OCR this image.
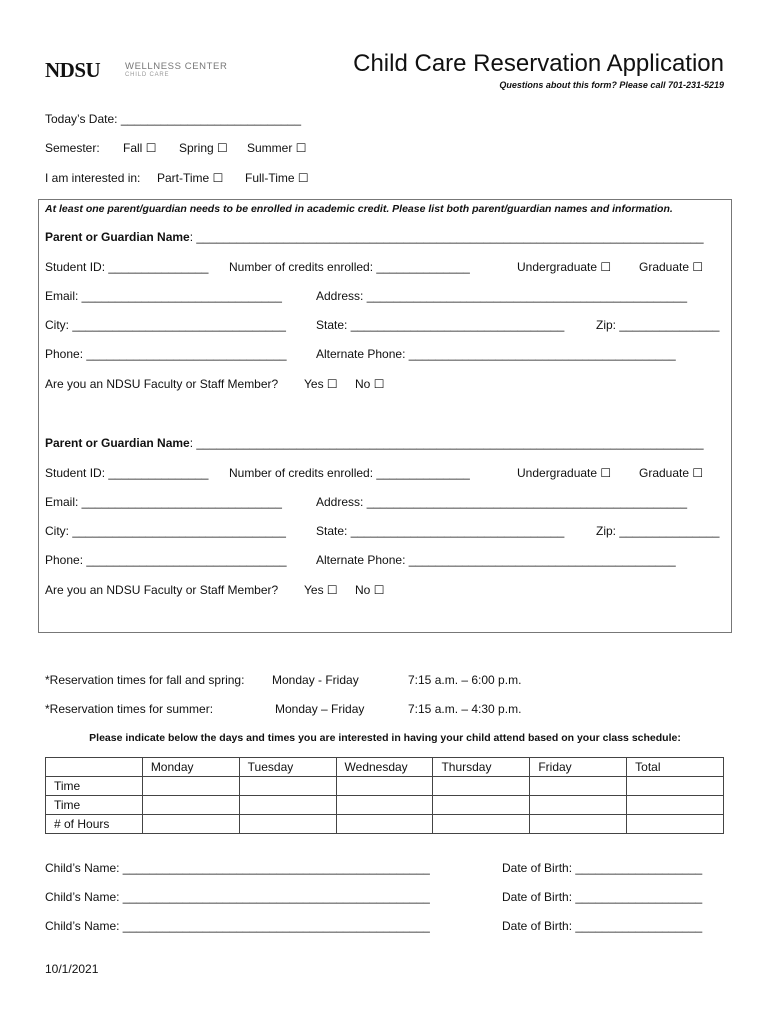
NDSU	WELLNESS CENTER
CHILD CARE	Child Care Reservation Application
Questions about this form? Please call 701-231-5219
Today’s Date: ___________________________
Semester: Fall ☐ Spring ☐ Summer ☐
I am interested in: Part-Time ☐ Full-Time ☐
At least one parent/guardian needs to be enrolled in academic credit. Please list both parent/guardian names and information.
Parent or Guardian Name: ____________________________________________________________________________
Student ID: _______________ Number of credits enrolled: ______________	Undergraduate ☐ Graduate ☐
Email: ______________________________	Address: ________________________________________________
City: ________________________________	State: ________________________________	Zip: _______________
Phone: ______________________________ Alternate Phone: ________________________________________
Are you an NDSU Faculty or Staff Member? Yes ☐ No ☐
Parent or Guardian Name: ____________________________________________________________________________
Student ID: _______________ Number of credits enrolled: ______________	Undergraduate ☐ Graduate ☐
Email: ______________________________	Address: ________________________________________________
City: ________________________________	State: ________________________________	Zip: _______________
Phone: ______________________________ Alternate Phone: ________________________________________
Are you an NDSU Faculty or Staff Member? Yes ☐ No ☐
*Reservation times for fall and spring: Monday - Friday	7:15 a.m. – 6:00 p.m.
*Reservation times for summer:	Monday – Friday	7:15 a.m. – 4:30 p.m.
Please indicate below the days and times you are interested in having your child attend based on your class schedule:
	Monday	Tuesday	Wednesday	Thursday	Friday	Total
Time						
Time						
# of Hours						
Child’s Name: ______________________________________________	Date of Birth: ___________________
Child’s Name: ______________________________________________	Date of Birth: ___________________
Child’s Name: ______________________________________________	Date of Birth: ___________________
10/1/2021
